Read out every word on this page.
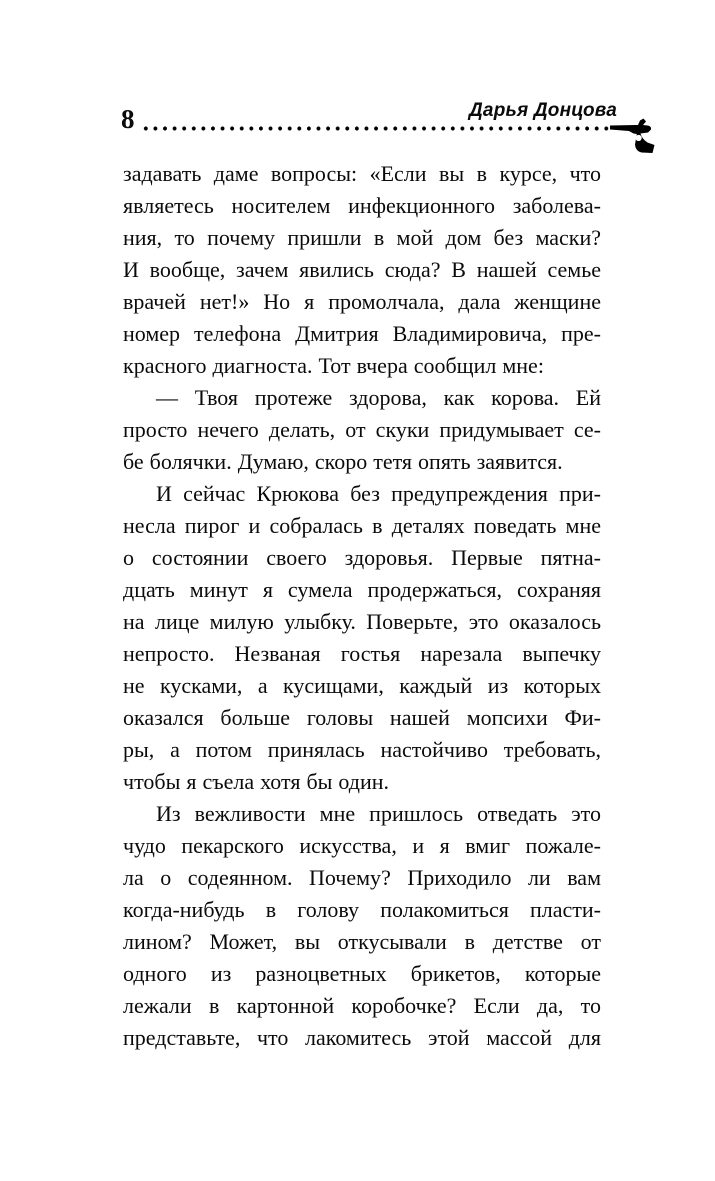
8	Дарья Донцова
задавать даме вопросы: «Если вы в курсе, что
являетесь носителем инфекционного заболева-
ния, то почему пришли в мой дом без маски?
И вообще, зачем явились сюда? В нашей семье
врачей нет!» Но я промолчала, дала женщине
номер телефона Дмитрия Владимировича, пре-
красного диагноста. Тот вчера сообщил мне:
— Твоя протеже здорова, как корова. Ей
просто нечего делать, от скуки придумывает се-
бе болячки. Думаю, скоро тетя опять заявится.
И сейчас Крюкова без предупреждения при-
несла пирог и собралась в деталях поведать мне
о состоянии своего здоровья. Первые пятна-
дцать минут я сумела продержаться, сохраняя
на лице милую улыбку. Поверьте, это оказалось
непросто. Незваная гостья нарезала выпечку
не кусками, а кусищами, каждый из которых
оказался больше головы нашей мопсихи Фи-
ры, а потом принялась настойчиво требовать,
чтобы я съела хотя бы один.
Из вежливости мне пришлось отведать это
чудо пекарского искусства, и я вмиг пожале-
ла о содеянном. Почему? Приходило ли вам
когда-нибудь в голову полакомиться пласти-
лином? Может, вы откусывали в детстве от
одного из разноцветных брикетов, которые
лежали в картонной коробочке? Если да, то
представьте, что лакомитесь этой массой для
